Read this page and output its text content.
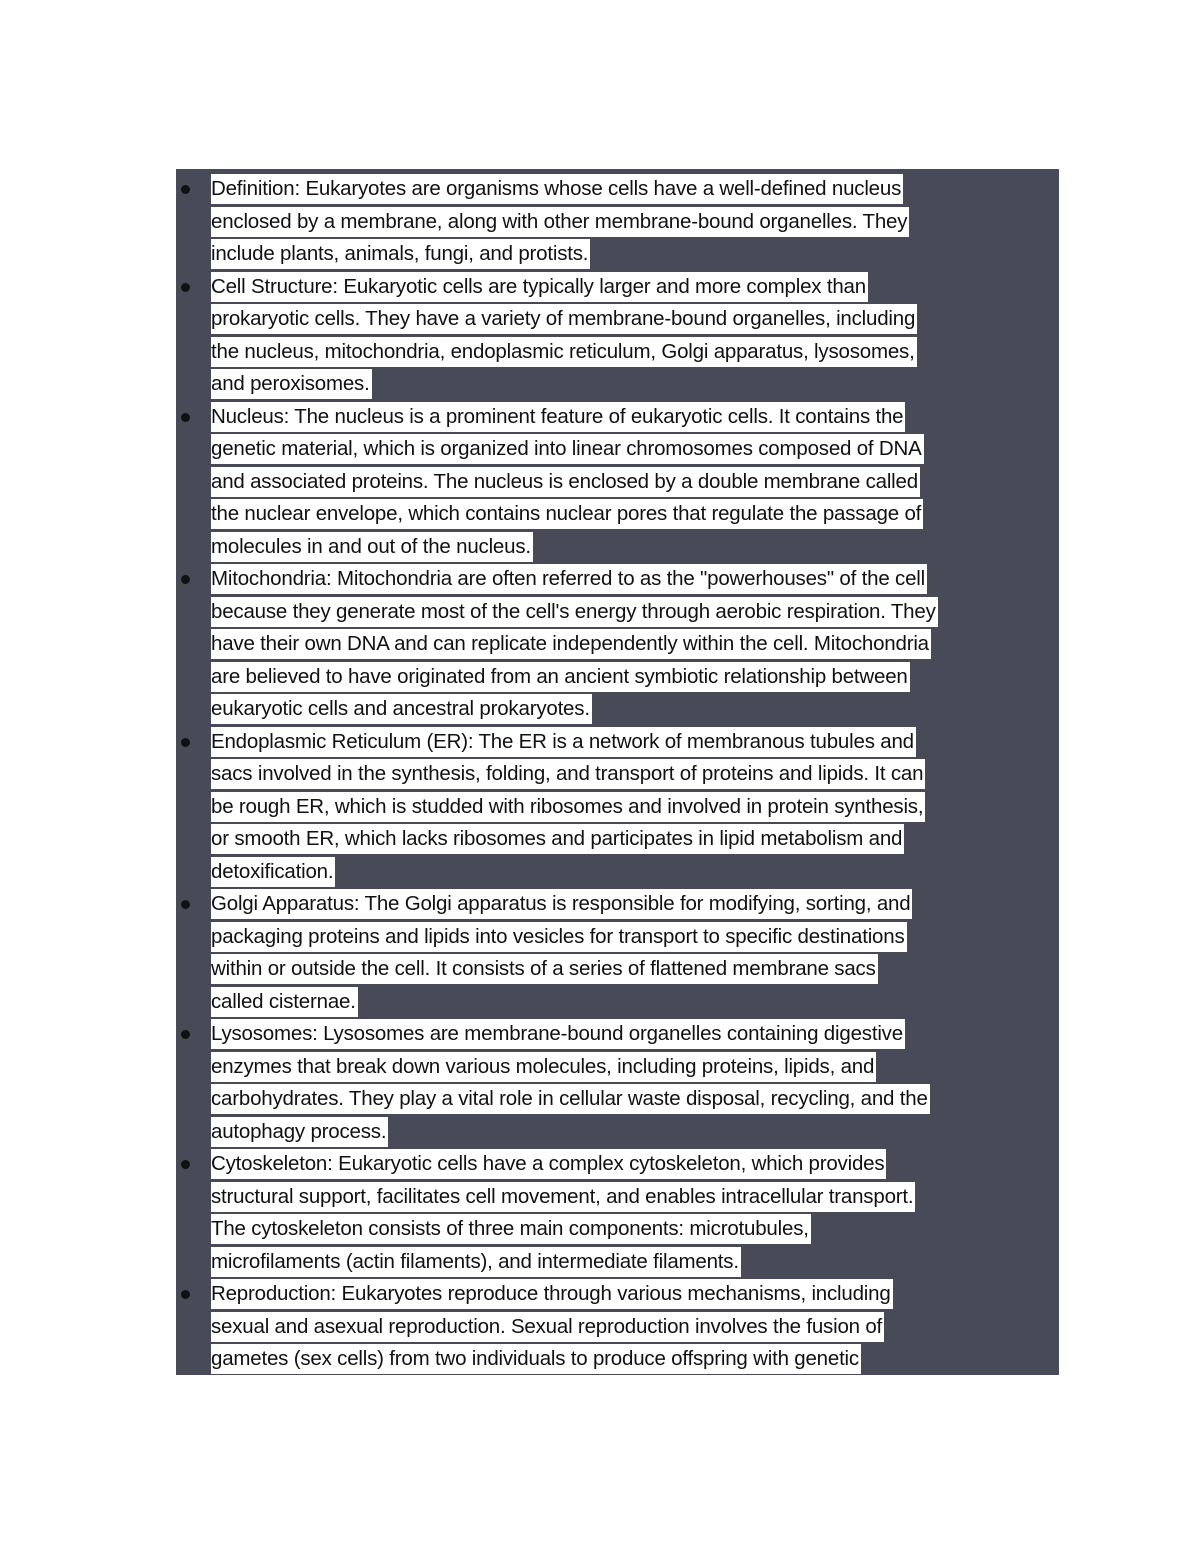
Definition: Eukaryotes are organisms whose cells have a well-defined nucleus
enclosed by a membrane, along with other membrane-bound organelles. They
include plants, animals, fungi, and protists.
Cell Structure: Eukaryotic cells are typically larger and more complex than
prokaryotic cells. They have a variety of membrane-bound organelles, including
the nucleus, mitochondria, endoplasmic reticulum, Golgi apparatus, lysosomes,
and peroxisomes.
Nucleus: The nucleus is a prominent feature of eukaryotic cells. It contains the
genetic material, which is organized into linear chromosomes composed of DNA
and associated proteins. The nucleus is enclosed by a double membrane called
the nuclear envelope, which contains nuclear pores that regulate the passage of
molecules in and out of the nucleus.
Mitochondria: Mitochondria are often referred to as the "powerhouses" of the cell
because they generate most of the cell's energy through aerobic respiration. They
have their own DNA and can replicate independently within the cell. Mitochondria
are believed to have originated from an ancient symbiotic relationship between
eukaryotic cells and ancestral prokaryotes.
Endoplasmic Reticulum (ER): The ER is a network of membranous tubules and
sacs involved in the synthesis, folding, and transport of proteins and lipids. It can
be rough ER, which is studded with ribosomes and involved in protein synthesis,
or smooth ER, which lacks ribosomes and participates in lipid metabolism and
detoxification.
Golgi Apparatus: The Golgi apparatus is responsible for modifying, sorting, and
packaging proteins and lipids into vesicles for transport to specific destinations
within or outside the cell. It consists of a series of flattened membrane sacs
called cisternae.
Lysosomes: Lysosomes are membrane-bound organelles containing digestive
enzymes that break down various molecules, including proteins, lipids, and
carbohydrates. They play a vital role in cellular waste disposal, recycling, and the
autophagy process.
Cytoskeleton: Eukaryotic cells have a complex cytoskeleton, which provides
structural support, facilitates cell movement, and enables intracellular transport.
The cytoskeleton consists of three main components: microtubules,
microfilaments (actin filaments), and intermediate filaments.
Reproduction: Eukaryotes reproduce through various mechanisms, including
sexual and asexual reproduction. Sexual reproduction involves the fusion of
gametes (sex cells) from two individuals to produce offspring with genetic
